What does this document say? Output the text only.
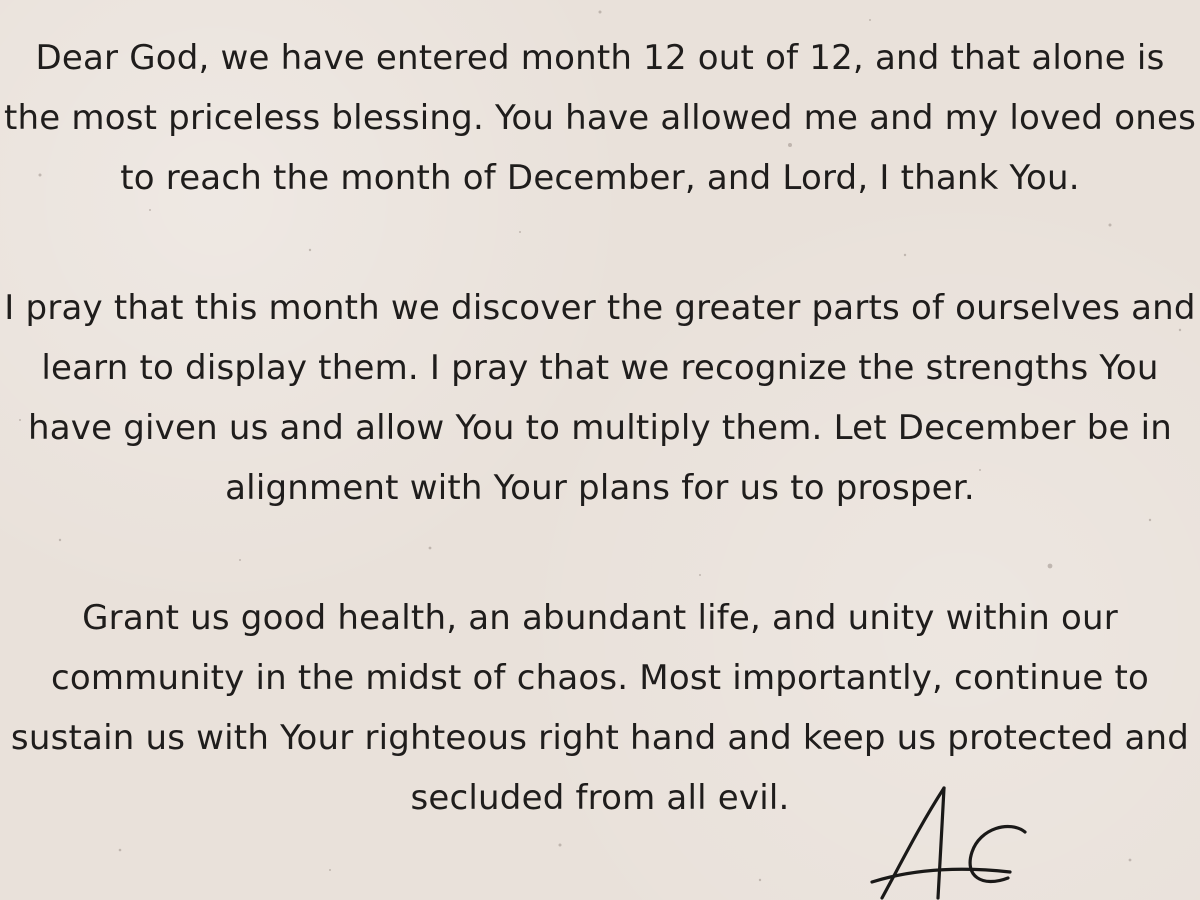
Dear God, we have entered month 12 out of 12, and that alone is
the most priceless blessing. You have allowed me and my loved ones
to reach the month of December, and Lord, I thank You.
I pray that this month we discover the greater parts of ourselves and
learn to display them. I pray that we recognize the strengths You
have given us and allow You to multiply them. Let December be in
alignment with Your plans for us to prosper.
Grant us good health, an abundant life, and unity within our
community in the midst of chaos. Most importantly, continue to
sustain us with Your righteous right hand and keep us protected and
secluded from all evil.
